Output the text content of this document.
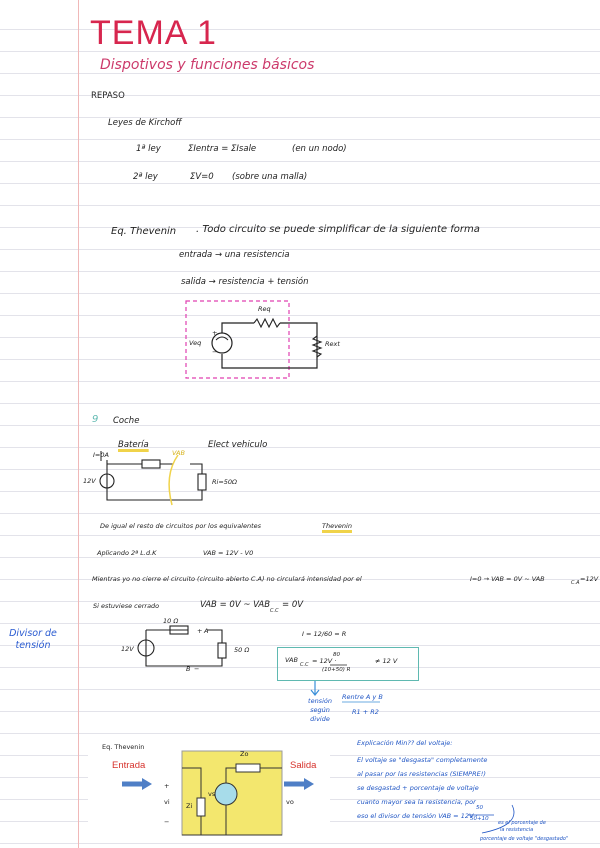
TEMA 1
Dispotivos y funciones básicos
REPASO
Leyes de Kirchoff
1ª ley	ΣIentra = ΣIsale	(en un nodo)
2ª ley	ΣV=0 (sobre una malla)
Eq. Thevenin . Todo circuito se puede simplificar de la siguiente forma
entrada → una resistencia
salida → resistencia + tensión
Req
Rext
Veq
+
−
9 Coche
Batería	Elect vehiculo
I=0A	VAB
12V	Ri=50Ω
De igual el resto de circuitos por los equivalentes	Thevenin
Aplicando 2ª L.d.K	VAB = 12V - V0
Mientras yo no cierre el circuito (circuito abierto C.A) no circulará intensidad por el	I=0 → VAB = 0V ~ VAB	C.A =12V
Si estuviese cerrado	VAB = 0V ~ VAB
C.C
= 0V
Divisor de tensión
10 Ω
+ A
12V	50 Ω
B −
I = 12/60 = R
VAB
C.C = 12V ·
80
(10+50) R
≠ 12 V
tensión según divide
Rentre A y B
R1 + R2
Eq. Thevenin
Entrada	Salida
Zo
Zi
vs
vi	vo
+
−
Explicación Min?? del voltaje:
El voltaje se "desgasta" completamente
al pasar por las resistencias (SIEMPRE!)
se desgastad + porcentaje de voltaje
cuanto mayor sea la resistencia, por
eso el divisor de tensión VAB = 12V ·
50
50+10
es el porcentaje de
la resistencia
porcentaje de voltaje "desgastado"
